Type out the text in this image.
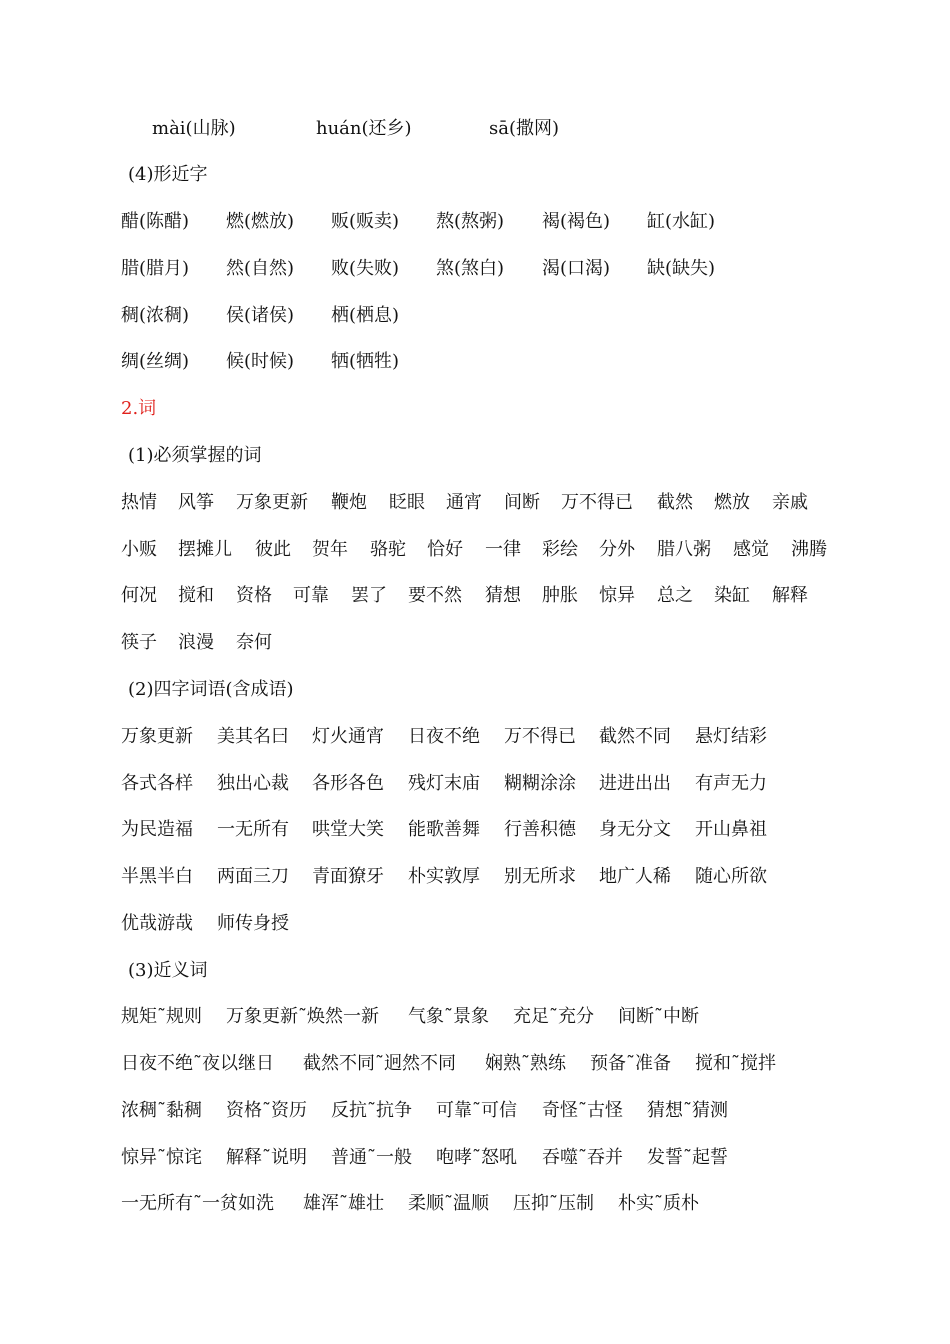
mài(山脉)	huán(还乡)	sā(撒网)
(4)形近字
醋(陈醋) 燃(燃放) 贩(贩卖) 熬(熬粥) 褐(褐色) 缸(水缸)
腊(腊月) 然(自然) 败(失败) 煞(煞白) 渴(口渴) 缺(缺失)
稠(浓稠) 侯(诸侯) 栖(栖息)
绸(丝绸) 候(时候) 牺(牺牲)
2.词
(1)必须掌握的词
热情 风筝 万象更新 鞭炮 眨眼 通宵 间断 万不得已 截然 燃放 亲戚
小贩 摆摊儿 彼此 贺年 骆驼 恰好 一律 彩绘 分外 腊八粥 感觉 沸腾
何况 搅和 资格 可靠 罢了 要不然 猜想 肿胀 惊异 总之 染缸 解释
筷子 浪漫 奈何
(2)四字词语(含成语)
万象更新 美其名曰 灯火通宵 日夜不绝 万不得已 截然不同 悬灯结彩
各式各样 独出心裁 各形各色 残灯末庙 糊糊涂涂 进进出出 有声无力
为民造福 一无所有 哄堂大笑 能歌善舞 行善积德 身无分文 开山鼻祖
半黑半白 两面三刀 青面獠牙 朴实敦厚 别无所求 地广人稀 随心所欲
优哉游哉 师传身授
(3)近义词
规矩˜规则 万象更新˜焕然一新 气象˜景象 充足˜充分 间断˜中断
日夜不绝˜夜以继日 截然不同˜迥然不同 娴熟˜熟练 预备˜准备 搅和˜搅拌
浓稠˜黏稠 资格˜资历 反抗˜抗争 可靠˜可信 奇怪˜古怪 猜想˜猜测
惊异˜惊诧 解释˜说明 普通˜一般 咆哮˜怒吼 吞噬˜吞并 发誓˜起誓
一无所有˜一贫如洗 雄浑˜雄壮 柔顺˜温顺 压抑˜压制 朴实˜质朴
